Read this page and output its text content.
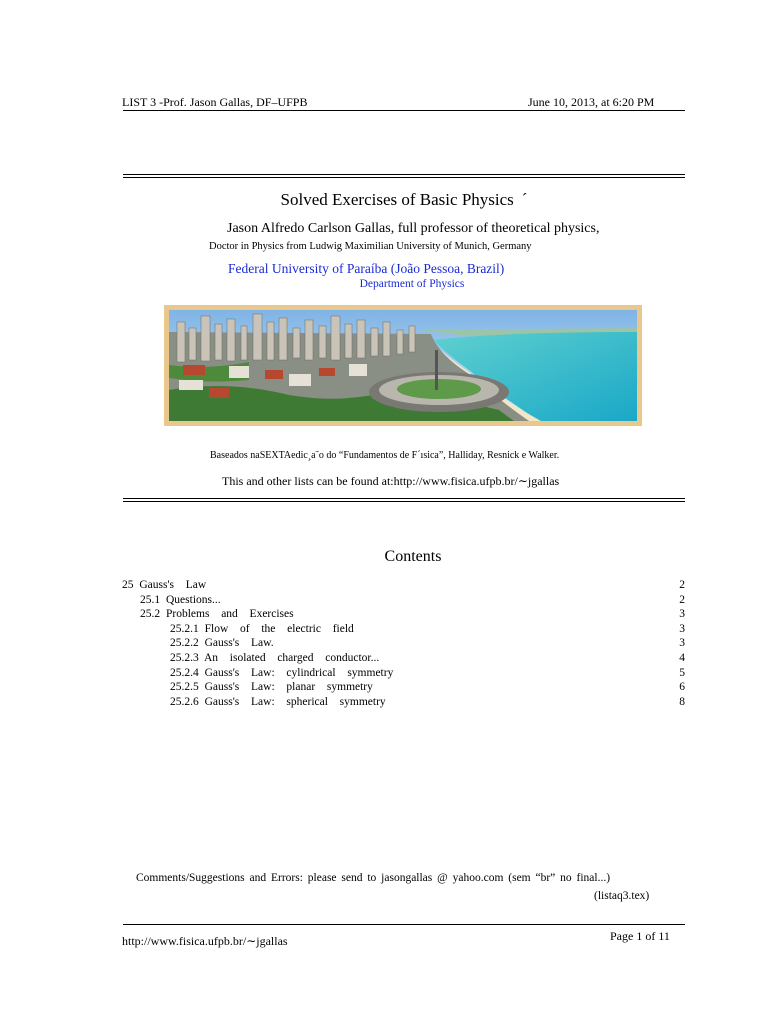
LIST 3 -Prof. Jason Gallas, DF–UFPB	June 10, 2013, at 6:20 PM
Solved Exercises of Basic Physics ´
Jason Alfredo Carlson Gallas, full professor of theoretical physics,
Doctor in Physics from Ludwig Maximilian University of Munich, Germany
Federal University of Paraíba (João Pessoa, Brazil)
Department of Physics
Baseados naSEXTAedic¸a˜o do “Fundamentos de F´ısica”, Halliday, Resnick e Walker.
This and other lists can be found at:http://www.fisica.ufpb.br/∼jgallas
Contents
25 Gauss's  Law	2
25.1 Questions...	2
25.2 Problems  and  Exercises	3
25.2.1 Flow  of  the  electric  field	3
25.2.2 Gauss's  Law.	3
25.2.3 An  isolated  charged  conductor...	4
25.2.4 Gauss's  Law:  cylindrical  symmetry	5
25.2.5 Gauss's  Law:  planar  symmetry	6
25.2.6 Gauss's  Law:  spherical  symmetry	8
Comments/Suggestions and Errors: please send to jasongallas @ yahoo.com (sem “br” no final...)
(listaq3.tex)
http://www.fisica.ufpb.br/∼jgallas	Page 1 of 11
